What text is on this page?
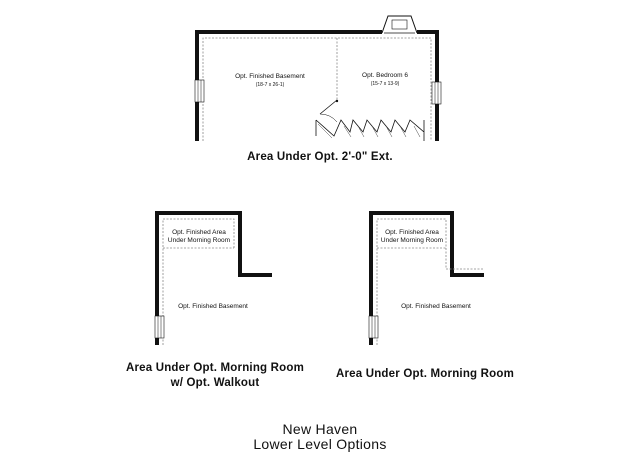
Opt. Finished Basement
(18-7 x 26-1)
Opt. Bedroom 6
(15-7 x 13-9)
Area Under Opt. 2'-0" Ext.
Opt. Finished Area
Under Morning Room
Opt. Finished Basement
Area Under Opt. Morning Room
w/ Opt. Walkout
Opt. Finished Area
Under Morning Room
Opt. Finished Basement
Area Under Opt. Morning Room
New Haven
Lower Level Options
